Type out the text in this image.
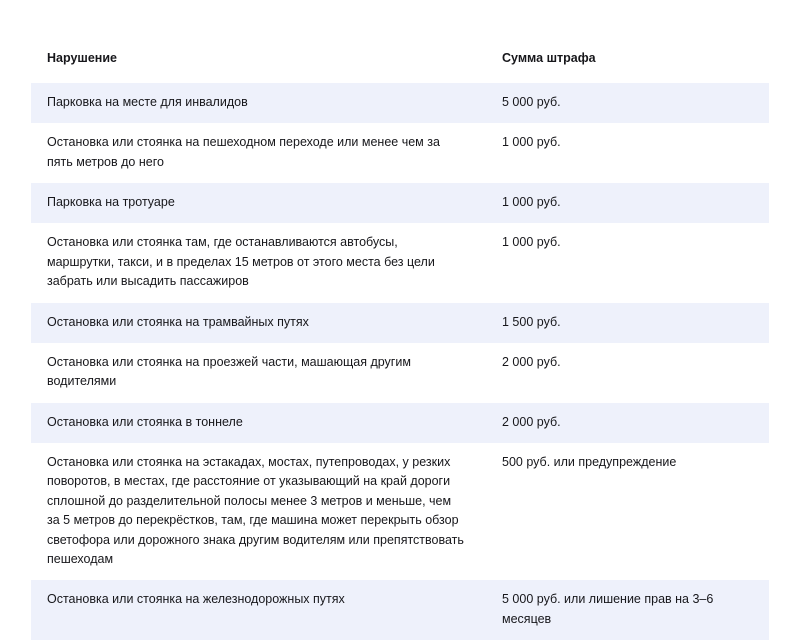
Нарушение	Сумма штрафа
Парковка на месте для инвалидов	5 000 руб.
Остановка или стоянка на пешеходном переходе или менее чем за пять метров до него	1 000 руб.
Парковка на тротуаре	1 000 руб.
Остановка или стоянка там, где останавливаются автобусы, маршрутки, такси, и в пределах 15 метров от этого места без цели забрать или высадить пассажиров	1 000 руб.
Остановка или стоянка на трамвайных путях	1 500 руб.
Остановка или стоянка на проезжей части, машающая другим водителями	2 000 руб.
Остановка или стоянка в тоннеле	2 000 руб.
Остановка или стоянка на эстакадах, мостах, путепроводах, у резких поворотов, в местах, где расстояние от указывающий на край дороги сплошной до разделительной полосы менее 3 метров и меньше, чем за 5 метров до перекрёстков, там, где машина может перекрыть обзор светофора или дорожного знака другим водителям или препятствовать пешеходам	500 руб. или предупреждение
Остановка или стоянка на железнодорожных путях	5 000 руб. или лишение прав на 3–6 месяцев
